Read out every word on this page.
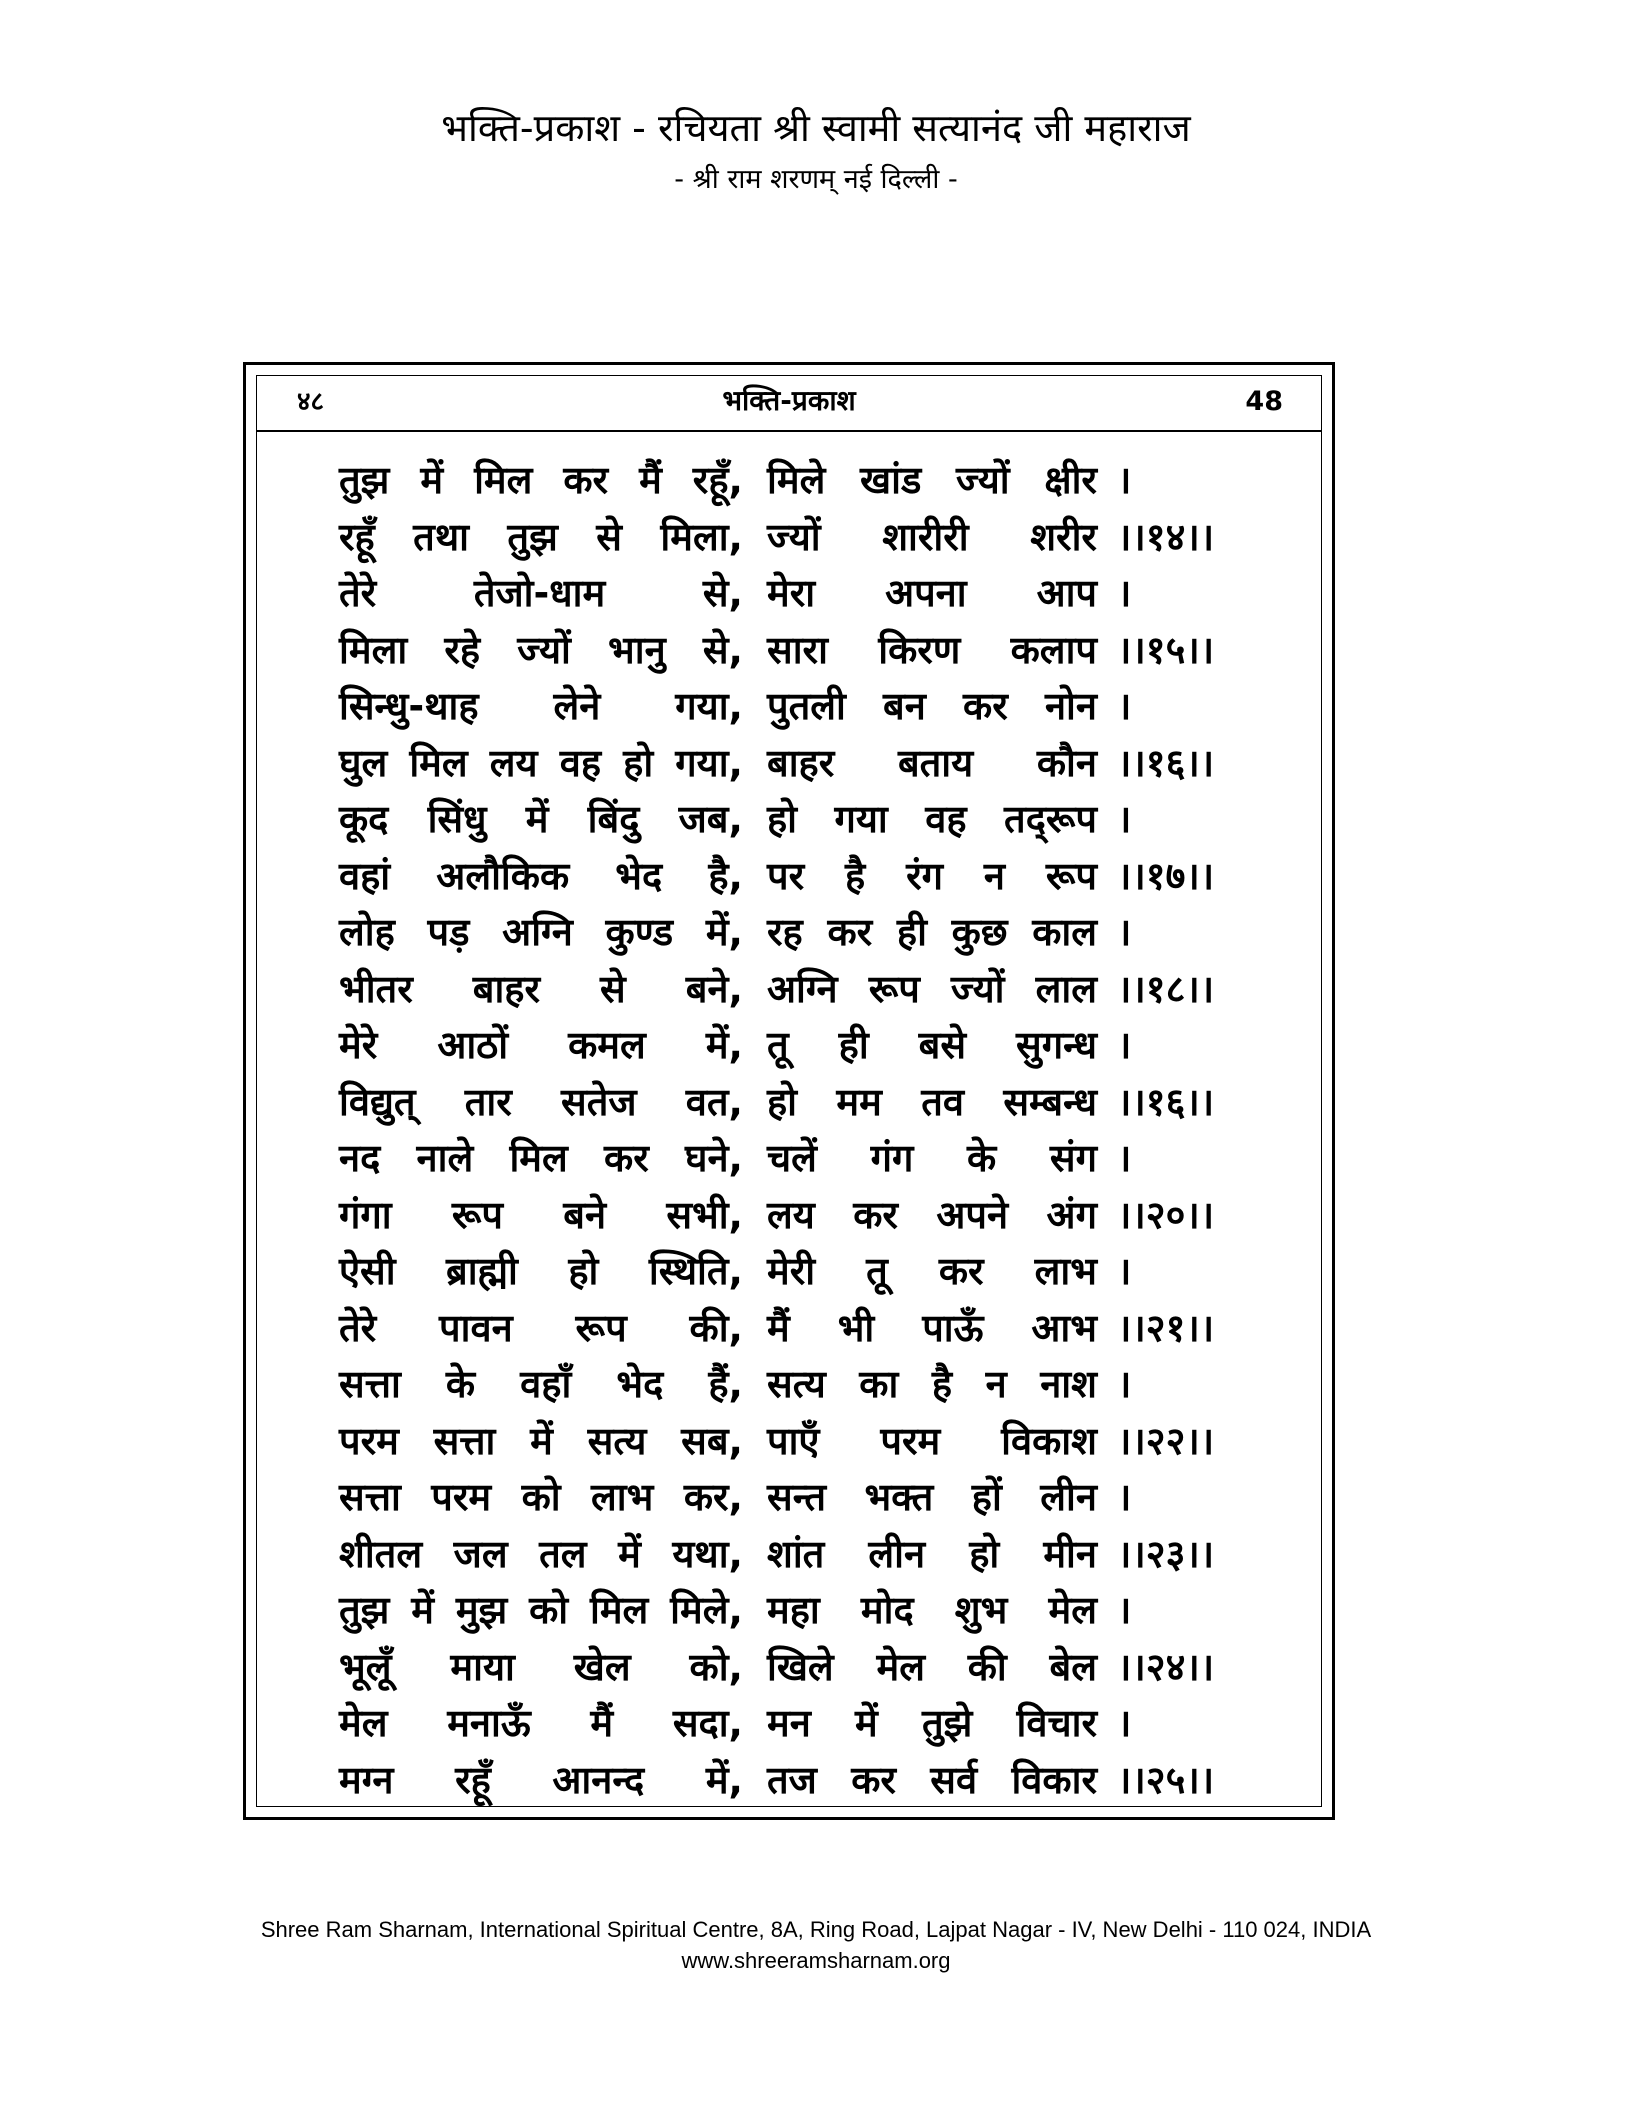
भक्ति-प्रकाश - रचियता श्री स्वामी सत्यानंद जी महाराज
- श्री राम शरणम् नई दिल्ली -
४८	भक्ति-प्रकाश	48
तुझ में मिल कर मैं रहूँ, मिले खांड ज्यों क्षीर ।
रहूँ तथा तुझ से मिला, ज्यों शारीरी शरीर ।।१४।।
तेरे	तेजो-धाम	से, मेरा अपना आप ।
मिला रहे ज्यों भानु से, सारा किरण कलाप ।।१५।।
सिन्धु-थाह लेने गया, पुतली बन कर नोन ।
घुल मिल लय वह हो गया, बाहर बताय कौन ।।१६।।
कूद सिंधु में बिंदु जब, हो गया वह तद्‌रूप ।
वहां अलौकिक भेद है, पर है रंग न रूप ।।१७।।
लोह पड़ अग्नि कुण्ड में, रह कर ही कुछ काल ।
भीतर बाहर से बने, अग्नि रूप ज्यों लाल ।।१८।।
मेरे आठों कमल में, तू ही बसे सुगन्ध ।
विद्युत् तार सतेज वत, हो मम तव सम्बन्ध ।।१६।।
नद नाले मिल कर घने, चलें गंग के संग ।
गंगा रूप बने सभी, लय कर अपने अंग ।।२०।।
ऐसी ब्राह्मी हो स्थिति, मेरी तू कर लाभ ।
तेरे पावन रूप की, मैं भी पाऊँ आभ ।।२१।।
सत्ता के वहाँ भेद हैं, सत्य का है न नाश ।
परम सत्ता में सत्य सब, पाएँ परम विकाश ।।२२।।
सत्ता परम को लाभ कर, सन्त भक्त हों लीन ।
शीतल जल तल में यथा, शांत लीन हो मीन ।।२३।।
तुझ में मुझ को मिल मिले, महा मोद शुभ मेल ।
भूलूँ माया खेल को, खिले मेल की बेल ।।२४।।
मेल मनाऊँ मैं सदा, मन में तुझे विचार ।
मग्न रहूँ आनन्द में, तज कर सर्व विकार ।।२५।।
Shree Ram Sharnam, International Spiritual Centre, 8A, Ring Road, Lajpat Nagar - IV, New Delhi - 110 024, INDIA
www.shreeramsharnam.org
